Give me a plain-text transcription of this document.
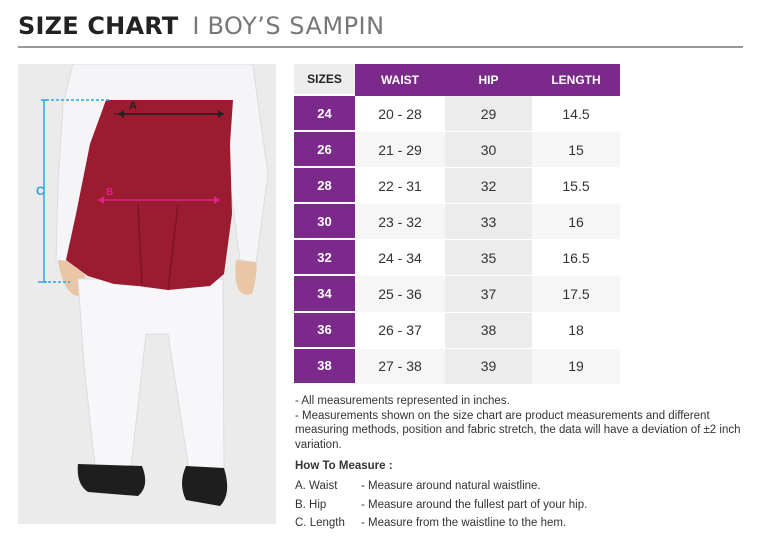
SIZE CHART I BOY’S SAMPIN
C
A
B
SIZES	WAIST	HIP	LENGTH
24	20 - 28	29	14.5
26	21 - 29	30	15
28	22 - 31	32	15.5
30	23 - 32	33	16
32	24 - 34	35	16.5
34	25 - 36	37	17.5
36	26 - 37	38	18
38	27 - 38	39	19
- All measurements represented in inches.
- Measurements shown on the size chart are product measurements and different measuring methods, position and fabric stretch, the data will have a deviation of ±2 inch variation.
How To Measure :
A. Waist	- Measure around natural waistline.
B. Hip	- Measure around the fullest part of your hip.
C. Length	- Measure from the waistline to the hem.
